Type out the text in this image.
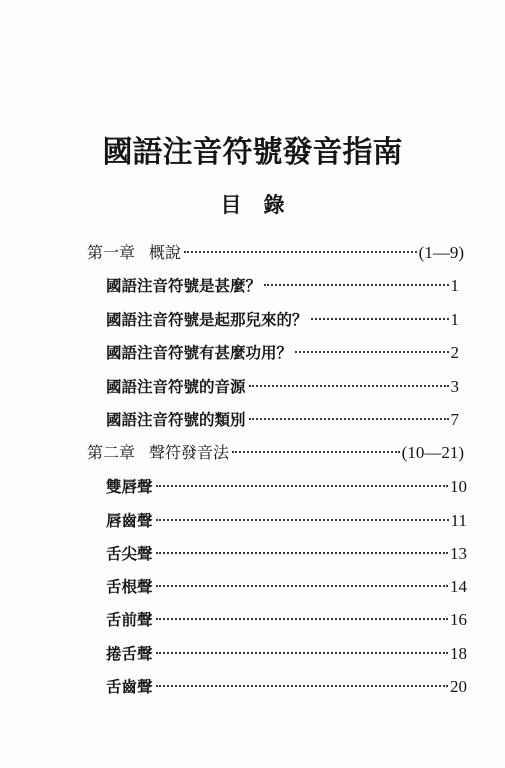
國語注音符號發音指南
目 錄
第一章 概說	(1—9)
國語注音符號是甚麼？	1
國語注音符號是起那兒來的？	1
國語注音符號有甚麼功用？	2
國語注音符號的音源	3
國語注音符號的類別	7
第二章 聲符發音法	(10—21)
雙唇聲	10
唇齒聲	11
舌尖聲	13
舌根聲	14
舌前聲	16
捲舌聲	18
舌齒聲	20
